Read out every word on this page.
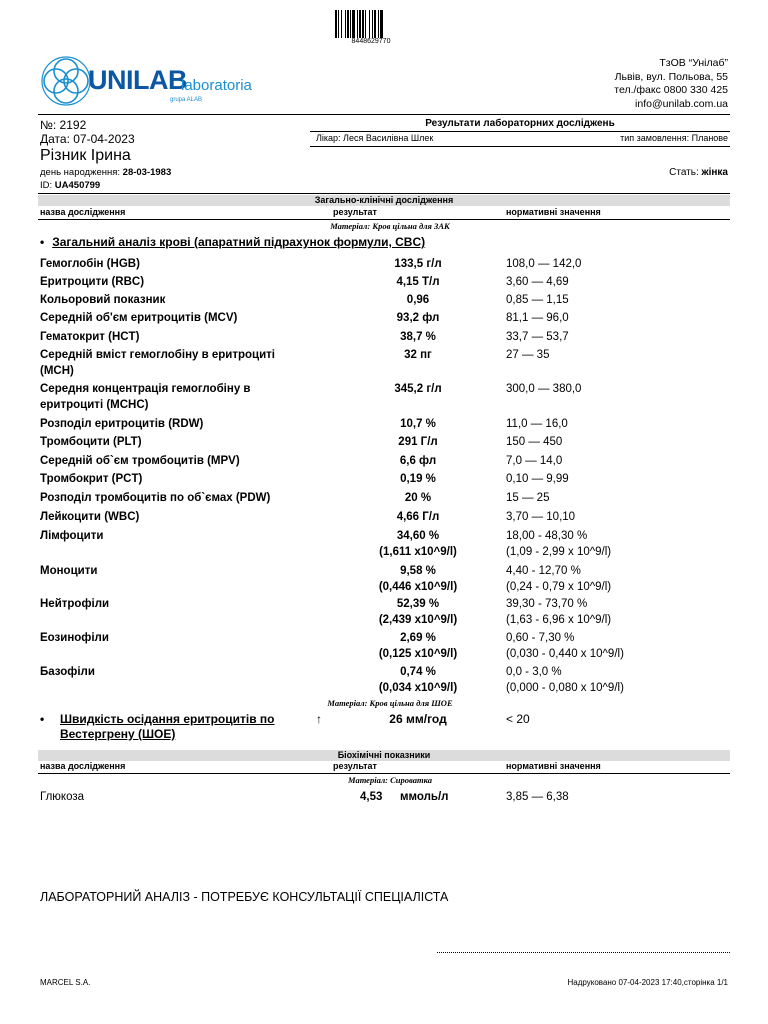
8448629770
UNILAB
laboratoria
grupa ALAB
ТзОВ “Унілаб”
Львів, вул. Польова, 55
тел./факс 0800 330 425
info@unilab.com.ua
№: 2192
Дата: 07-04-2023
Результати лабораторних досліджень
Лікар: Леся Василівна Шлек	тип замовлення: Планове
Різник Ірина
день народження: 28-03-1983
ID: UA450799
Стать: жінка
Загально-клінічні дослідження
назва дослідження	результат	нормативні значення
Матеріал: Кров цільна для ЗАК
• Загальний аналіз крові (апаратний підрахунок формули, CBC)
Гемоглобін (HGB)	133,5 г/л	108,0 — 142,0
Еритроцити (RBC)	4,15 Т/л	3,60 — 4,69
Кольоровий показник	0,96	0,85 — 1,15
Середній об'єм еритроцитів (MCV)	93,2 фл	81,1 — 96,0
Гематокрит (HCT)	38,7 %	33,7 — 53,7
Середній вміст гемоглобіну в еритроциті (MCH)
32 пг	27 — 35
Середня концентрація гемоглобіну в еритроциті (MCHC)
345,2 г/л	300,0 — 380,0
Розподіл еритроцитів (RDW)	10,7 %	11,0 — 16,0
Тромбоцити (PLT)	291 Г/л	150 — 450
Середній об`єм тромбоцитів (MPV)	6,6 фл	7,0 — 14,0
Тромбокрит (PCT)	0,19 %	0,10 — 9,99
Розподіл тромбоцитів по об`ємах (PDW)	20 %	15 — 25
Лейкоцити (WBC)	4,66 Г/л	3,70 — 10,10
Лімфоцити	34,60 %	18,00 - 48,30 %
(1,611 x10^9/l)	(1,09 - 2,99 x 10^9/l)
Моноцити	9,58 %	4,40 - 12,70 %
(0,446 x10^9/l)	(0,24 - 0,79 x 10^9/l)
Нейтрофіли	52,39 %	39,30 - 73,70 %
(2,439 x10^9/l)	(1,63 - 6,96 x 10^9/l)
Еозинофіли	2,69 %	0,60 - 7,30 %
(0,125 x10^9/l)	(0,030 - 0,440 x 10^9/l)
Базофіли	0,74 %	0,0 - 3,0 %
(0,034 x10^9/l)	(0,000 - 0,080 x 10^9/l)
Матеріал: Кров цільна для ШОЕ
• Швидкість осідання еритроцитів по
Вестергрену (ШОЕ)
↑	26 мм/год	< 20
Біохімічні показники
назва дослідження	результат	нормативні значення
Матеріал: Сироватка
Глюкоза	4,53 ммоль/л	3,85 — 6,38
ЛАБОРАТОРНИЙ АНАЛІЗ - ПОТРЕБУЄ КОНСУЛЬТАЦІЇ СПЕЦІАЛІСТА
MARCEL S.A.	Надруковано 07-04-2023 17:40,сторінка 1/1
